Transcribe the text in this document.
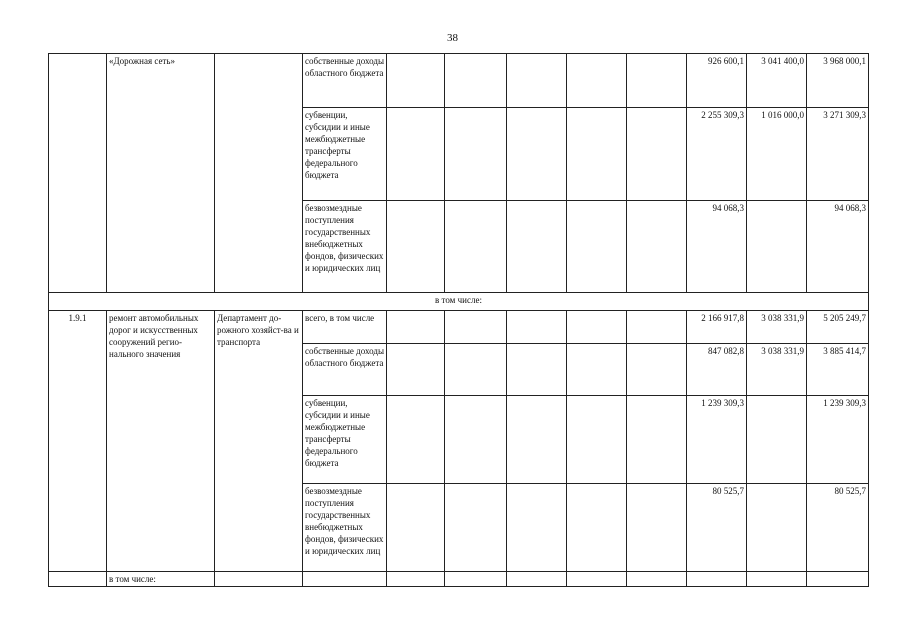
38
	«Дорожная сеть»		собственные доходы областного бюджета						926 600,1	3 041 400,0	3 968 000,1
			субвенции, субсидии и иные межбюджетные трансферты федерального бюджета						2 255 309,3	1 016 000,0	3 271 309,3
			безвозмездные поступления государственных внебюджетных фондов, физических и юридических лиц						94 068,3		94 068,3
в том числе:											
1.9.1	ремонт автомобильных дорог и искусственных сооружений регио-нального значения	Департамент до-рожного хозяйст-ва и транспорта	всего, в том числе						2 166 917,8	3 038 331,9	5 205 249,7
			собственные доходы областного бюджета						847 082,8	3 038 331,9	3 885 414,7
			субвенции, субсидии и иные межбюджетные трансферты федерального бюджета						1 239 309,3		1 239 309,3
			безвозмездные поступления государственных внебюджетных фондов, физических и юридических лиц						80 525,7		80 525,7
	в том числе:										
